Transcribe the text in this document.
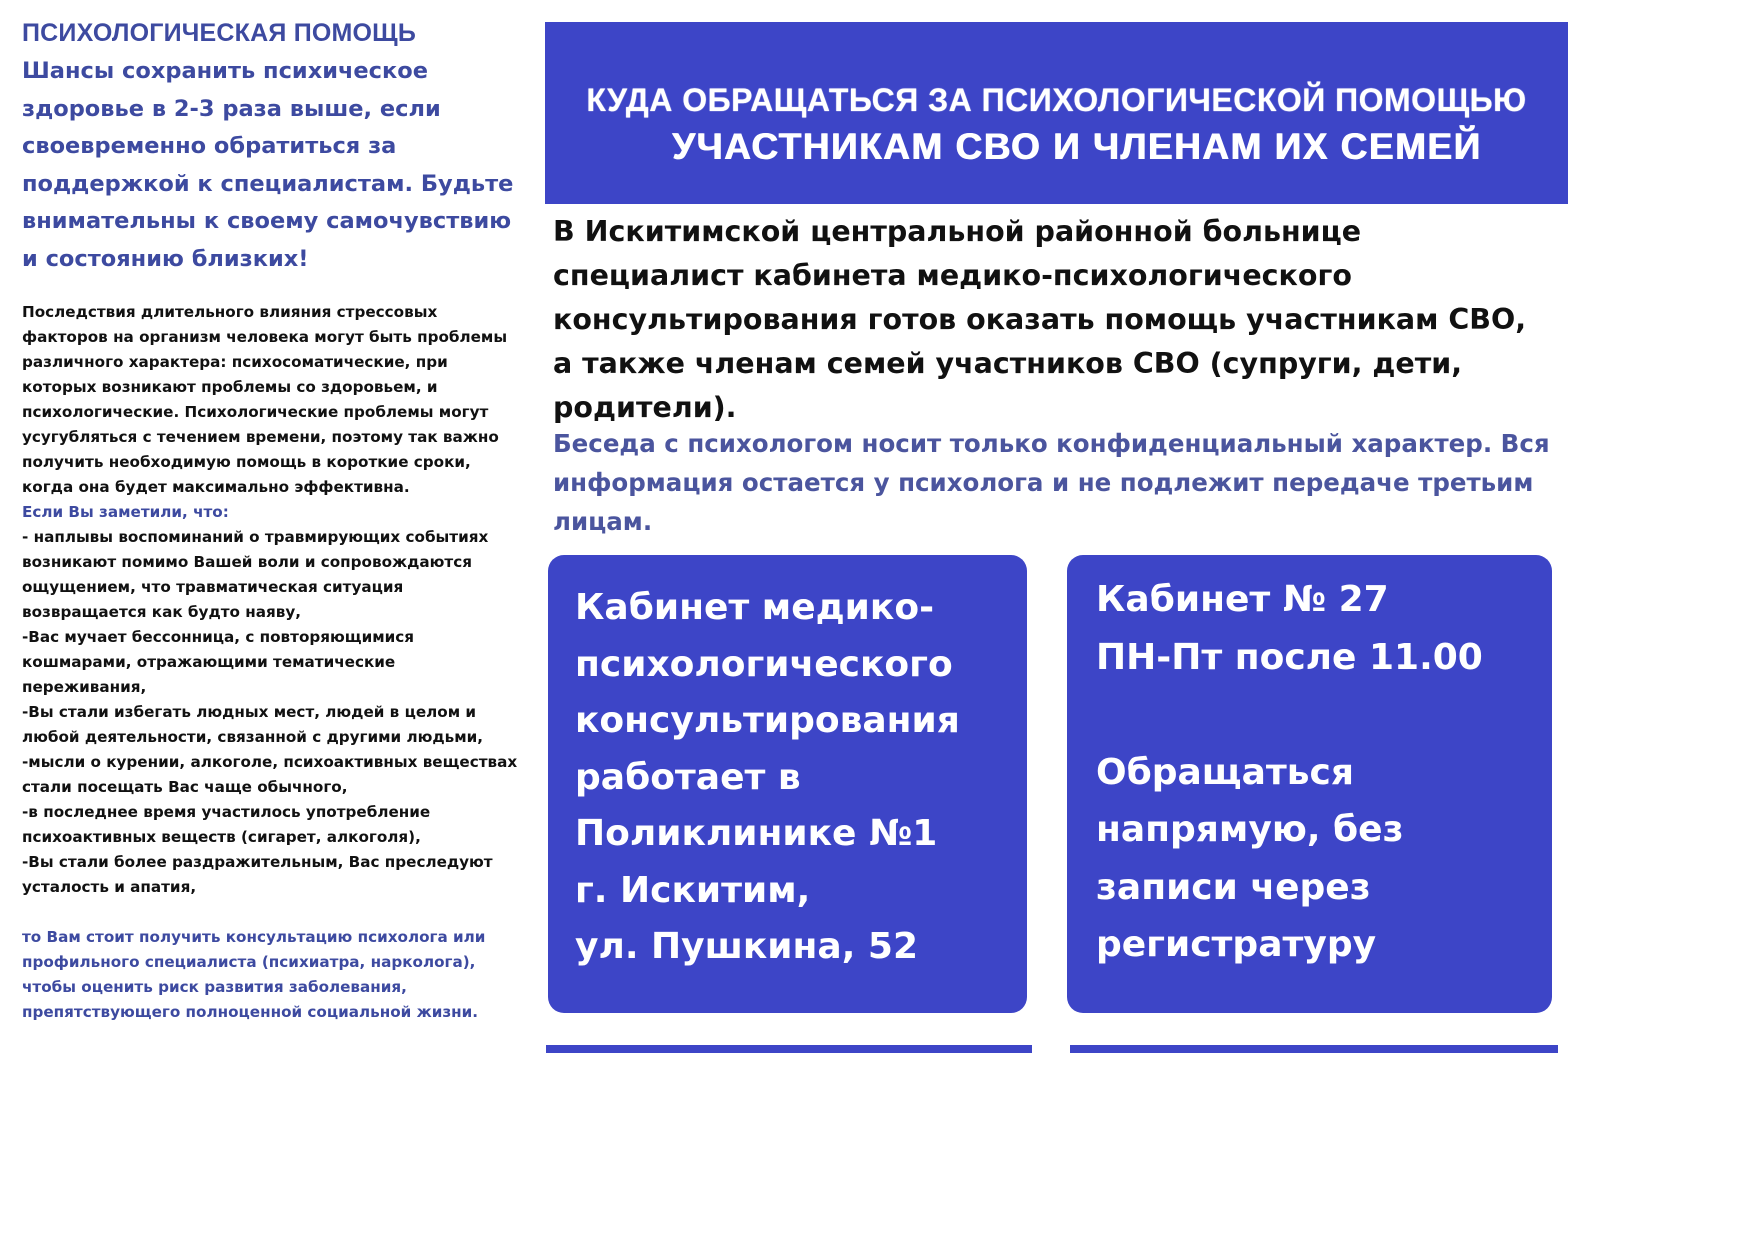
ПСИХОЛОГИЧЕСКАЯ ПОМОЩЬ
Шансы сохранить психическое здоровье в 2-3 раза выше, если своевременно обратиться за поддержкой к специалистам. Будьте внимательны к своему самочувствию и состоянию близких!
Последствия длительного влияния стрессовых факторов на организм человека могут быть проблемы различного характера: психосоматические, при которых возникают проблемы со здоровьем, и психологические. Психологические проблемы могут усугубляться с течением времени, поэтому так важно получить необходимую помощь в короткие сроки, когда она будет максимально эффективна.
Если Вы заметили, что:
- наплывы воспоминаний о травмирующих событиях возникают помимо Вашей воли и сопровождаются ощущением, что травматическая ситуация возвращается как будто наяву,
-Вас мучает бессонница, с повторяющимися кошмарами, отражающими тематические переживания,
-Вы стали избегать людных мест, людей в целом и любой деятельности, связанной с другими людьми,
-мысли о курении, алкоголе, психоактивных веществах стали посещать Вас чаще обычного,
-в последнее время участилось употребление психоактивных веществ (сигарет, алкоголя),
-Вы стали более раздражительным, Вас преследуют усталость и апатия,
то Вам стоит получить консультацию психолога или профильного специалиста (психиатра, нарколога), чтобы оценить риск развития заболевания, препятствующего полноценной социальной жизни.
КУДА ОБРАЩАТЬСЯ ЗА ПСИХОЛОГИЧЕСКОЙ ПОМОЩЬЮ
УЧАСТНИКАМ СВО И ЧЛЕНАМ ИХ СЕМЕЙ
В Искитимской центральной районной больнице специалист кабинета медико-психологического консультирования готов оказать помощь участникам СВО, а также членам семей участников СВО (супруги, дети, родители).
Беседа с психологом носит только конфиденциальный характер. Вся информация остается у психолога и не подлежит передаче третьим лицам.
Кабинет медико-
психологического
консультирования
работает в
Поликлинике №1
г. Искитим,
ул. Пушкина, 52
Кабинет № 27
ПН-Пт после 11.00
Обращаться
напрямую, без
записи через
регистратуру
